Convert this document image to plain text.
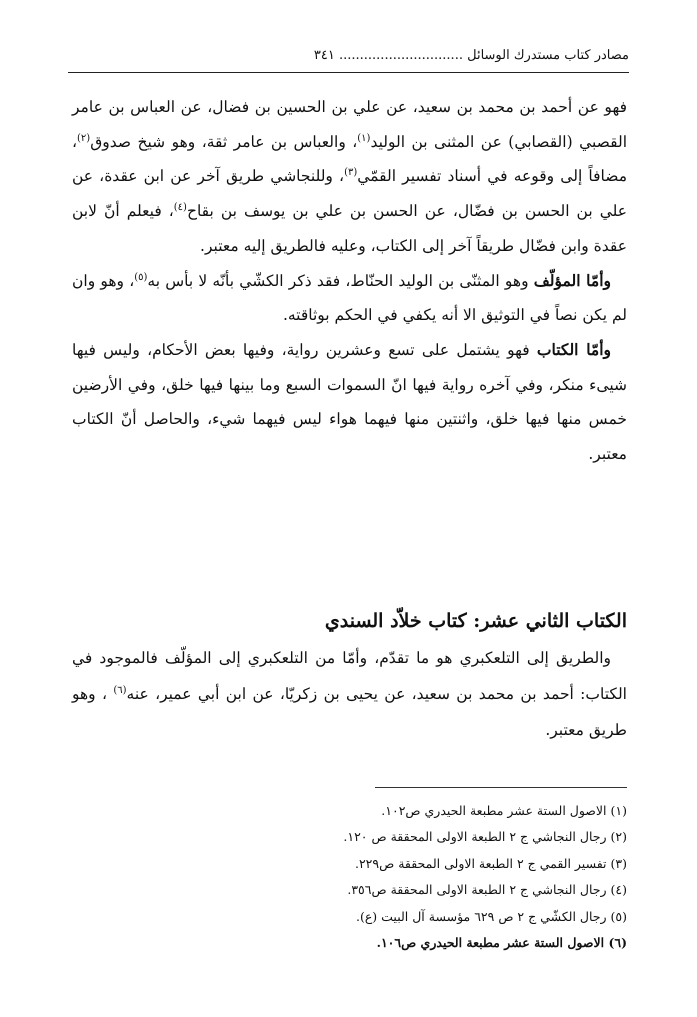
مصادر كتاب مستدرك الوسائل .............................. ٣٤١

فهو عن أحمد بن محمد بن سعيد، عن علي بن الحسين بن فضال، عن العباس بن عامر القصبي (القصابي) عن المثنى بن الوليد$^{(١)}$، والعباس بن عامر ثقة، وهو شيخ صدوق$^{(٢)}$، مضافاً إلى وقوعه في أسناد تفسير القمّي$^{(٣)}$، وللنجاشي طريق آخر عن ابن عقدة، عن علي بن الحسن بن فضّال، عن الحسن بن علي بن يوسف بن بقاح$^{(٤)}$، فيعلم أنّ لابن عقدة وابن فضّال طريقاً آخر إلى الكتاب، وعليه فالطريق إليه معتبر.

وأمّا المؤلّف وهو المثنّى بن الوليد الحنّاط، فقد ذكر الكشّي بأنّه لا بأس به$^{(٥)}$، وهو وان لم يكن نصاً في التوثيق الا أنه يكفي في الحكم بوثاقته.

وأمّا الكتاب فهو يشتمل على تسع وعشرين رواية، وفيها بعض الأحكام، وليس فيها شيىء منكر، وفي آخره رواية فيها انّ السموات السبع وما بينها فيها خلق، وفي الأرضين خمس منها فيها خلق، واثنتين منها فيهما هواء ليس فيهما شيء، والحاصل أنّ الكتاب معتبر.

الكتاب الثاني عشر: كتاب خلاّد السندي

والطريق إلى التلعكبري هو ما تقدّم، وأمّا من التلعكبري إلى المؤلّف فالموجود في الكتاب: أحمد بن محمد بن سعيد، عن يحيى بن زكريّا، عن ابن أبي عمير، عنه$^{(٦)}$ ، وهو طريق معتبر.

(١) الاصول الستة عشر مطبعة الحيدري ص١٠٢.
(٢) رجال النجاشي ج ٢ الطبعة الاولى المحققة ص ١٢٠.
(٣) تفسير القمي ج ٢ الطبعة الاولى المحققة ص٢٢٩.
(٤) رجال النجاشي ج ٢ الطبعة الاولى المحققة ص٣٥٦.
(٥) رجال الكشّي ج ٢ ص ٦٢٩ مؤسسة آل البيت (ع).
(٦) الاصول الستة عشر مطبعة الحيدري ص١٠٦.
